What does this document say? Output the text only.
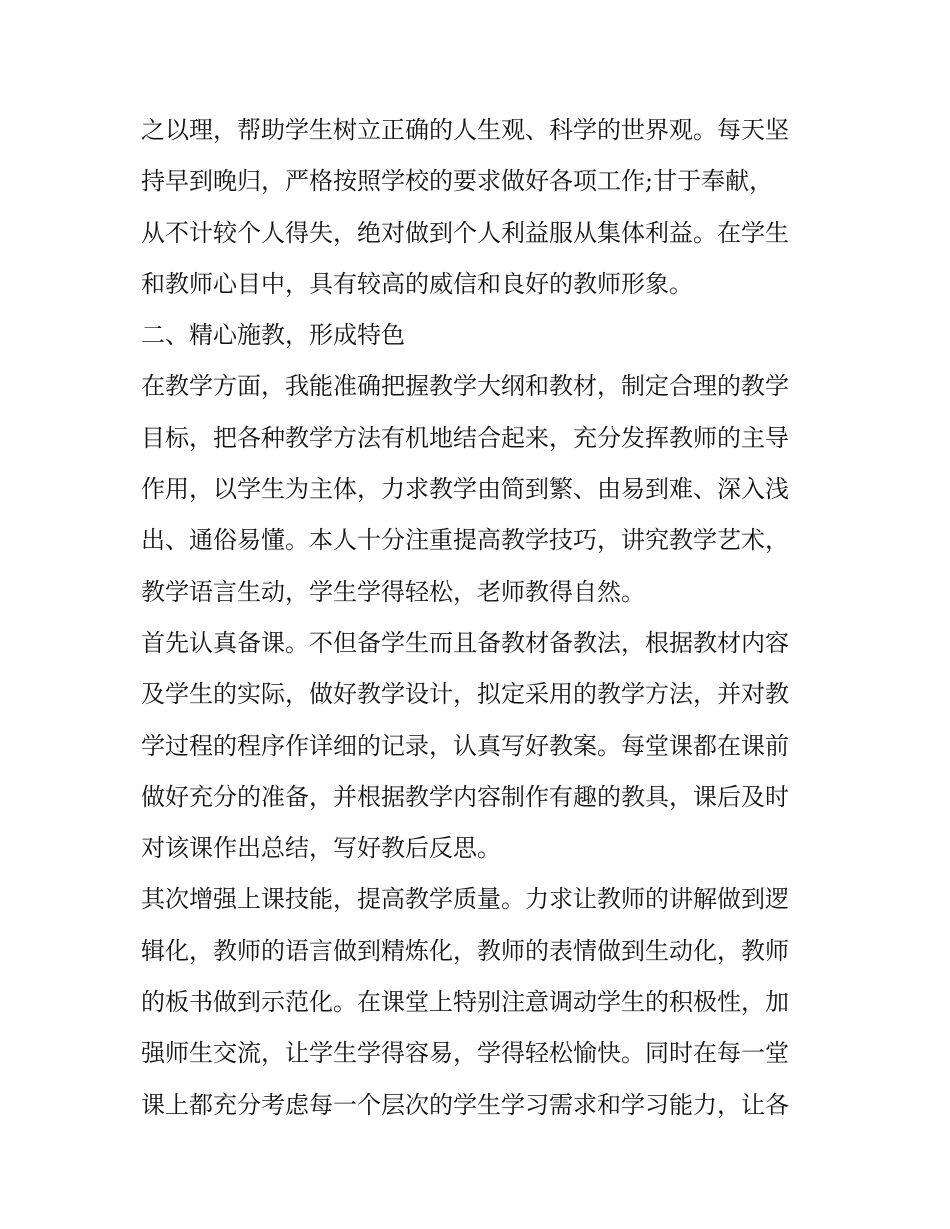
之以理，帮助学生树立正确的人生观、科学的世界观。每天坚
持早到晚归，严格按照学校的要求做好各项工作;甘于奉献，
从不计较个人得失，绝对做到个人利益服从集体利益。在学生
和教师心目中，具有较高的威信和良好的教师形象。
二、精心施教，形成特色
在教学方面，我能准确把握教学大纲和教材，制定合理的教学
目标，把各种教学方法有机地结合起来，充分发挥教师的主导
作用，以学生为主体，力求教学由简到繁、由易到难、深入浅
出、通俗易懂。本人十分注重提高教学技巧，讲究教学艺术，
教学语言生动，学生学得轻松，老师教得自然。
首先认真备课。不但备学生而且备教材备教法，根据教材内容
及学生的实际，做好教学设计，拟定采用的教学方法，并对教
学过程的程序作详细的记录，认真写好教案。每堂课都在课前
做好充分的准备，并根据教学内容制作有趣的教具，课后及时
对该课作出总结，写好教后反思。
其次增强上课技能，提高教学质量。力求让教师的讲解做到逻
辑化，教师的语言做到精炼化，教师的表情做到生动化，教师
的板书做到示范化。在课堂上特别注意调动学生的积极性，加
强师生交流，让学生学得容易，学得轻松愉快。同时在每一堂
课上都充分考虑每一个层次的学生学习需求和学习能力，让各
